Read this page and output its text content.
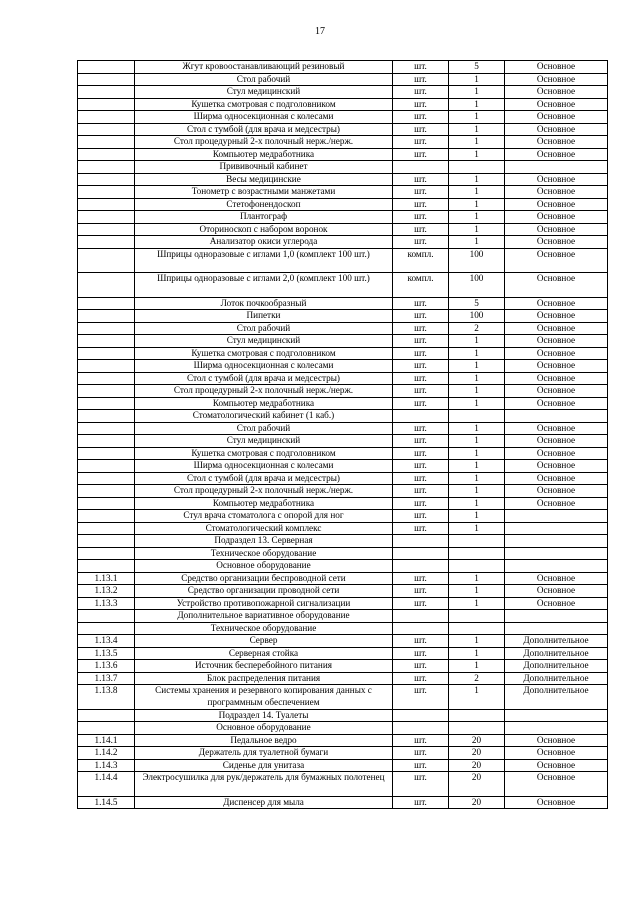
17
	Жгут кровоостанавливающий резиновый	шт.	5	Основное
	Стол рабочий	шт.	1	Основное
	Стул медицинский	шт.	1	Основное
	Кушетка смотровая с подголовником	шт.	1	Основное
	Ширма односекционная с колесами	шт.	1	Основное
	Стол с тумбой (для врача и медсестры)	шт.	1	Основное
	Стол процедурный 2-х полочный нерж./нерж.	шт.	1	Основное
	Компьютер медработника	шт.	1	Основное
	Прививочный кабинет			
	Весы медицинские	шт.	1	Основное
	Тонометр с возрастными манжетами	шт.	1	Основное
	Стетофонендоскоп	шт.	1	Основное
	Плантограф	шт.	1	Основное
	Оториноскоп с набором воронок	шт.	1	Основное
	Анализатор окиси углерода	шт.	1	Основное
	Шприцы одноразовые с иглами 1,0 (комплект 100 шт.)	компл.	100	Основное
	Шприцы одноразовые с иглами 2,0 (комплект 100 шт.)	компл.	100	Основное
	Лоток почкообразный	шт.	5	Основное
	Пипетки	шт.	100	Основное
	Стол рабочий	шт.	2	Основное
	Стул медицинский	шт.	1	Основное
	Кушетка смотровая с подголовником	шт.	1	Основное
	Ширма односекционная с колесами	шт.	1	Основное
	Стол с тумбой (для врача и медсестры)	шт.	1	Основное
	Стол процедурный 2-х полочный нерж./нерж.	шт.	1	Основное
	Компьютер медработника	шт.	1	Основное
	Стоматологический кабинет (1 каб.)			
	Стол рабочий	шт.	1	Основное
	Стул медицинский	шт.	1	Основное
	Кушетка смотровая с подголовником	шт.	1	Основное
	Ширма односекционная с колесами	шт.	1	Основное
	Стол с тумбой (для врача и медсестры)	шт.	1	Основное
	Стол процедурный 2-х полочный нерж./нерж.	шт.	1	Основное
	Компьютер медработника	шт.	1	Основное
	Стул врача стоматолога с опорой для ног	шт.	1	
	Стоматологический комплекс	шт.	1	
	Подраздел 13. Серверная			
	Техническое оборудование			
	Основное оборудование			
1.13.1	Средство организации беспроводной сети	шт.	1	Основное
1.13.2	Средство организации проводной сети	шт.	1	Основное
1.13.3	Устройство противопожарной сигнализации	шт.	1	Основное
	Дополнительное вариативное оборудование			
	Техническое оборудование			
1.13.4	Сервер	шт.	1	Дополнительное
1.13.5	Серверная стойка	шт.	1	Дополнительное
1.13.6	Источник бесперебойного питания	шт.	1	Дополнительное
1.13.7	Блок распределения питания	шт.	2	Дополнительное
1.13.8	Системы хранения и резервного копирования данных с программным обеспечением	шт.	1	Дополнительное
	Подраздел 14. Туалеты			
	Основное оборудование			
1.14.1	Педальное ведро	шт.	20	Основное
1.14.2	Держатель для туалетной бумаги	шт.	20	Основное
1.14.3	Сиденье для унитаза	шт.	20	Основное
1.14.4	Электросушилка для рук/держатель для бумажных полотенец	шт.	20	Основное
1.14.5	Диспенсер для мыла	шт.	20	Основное
